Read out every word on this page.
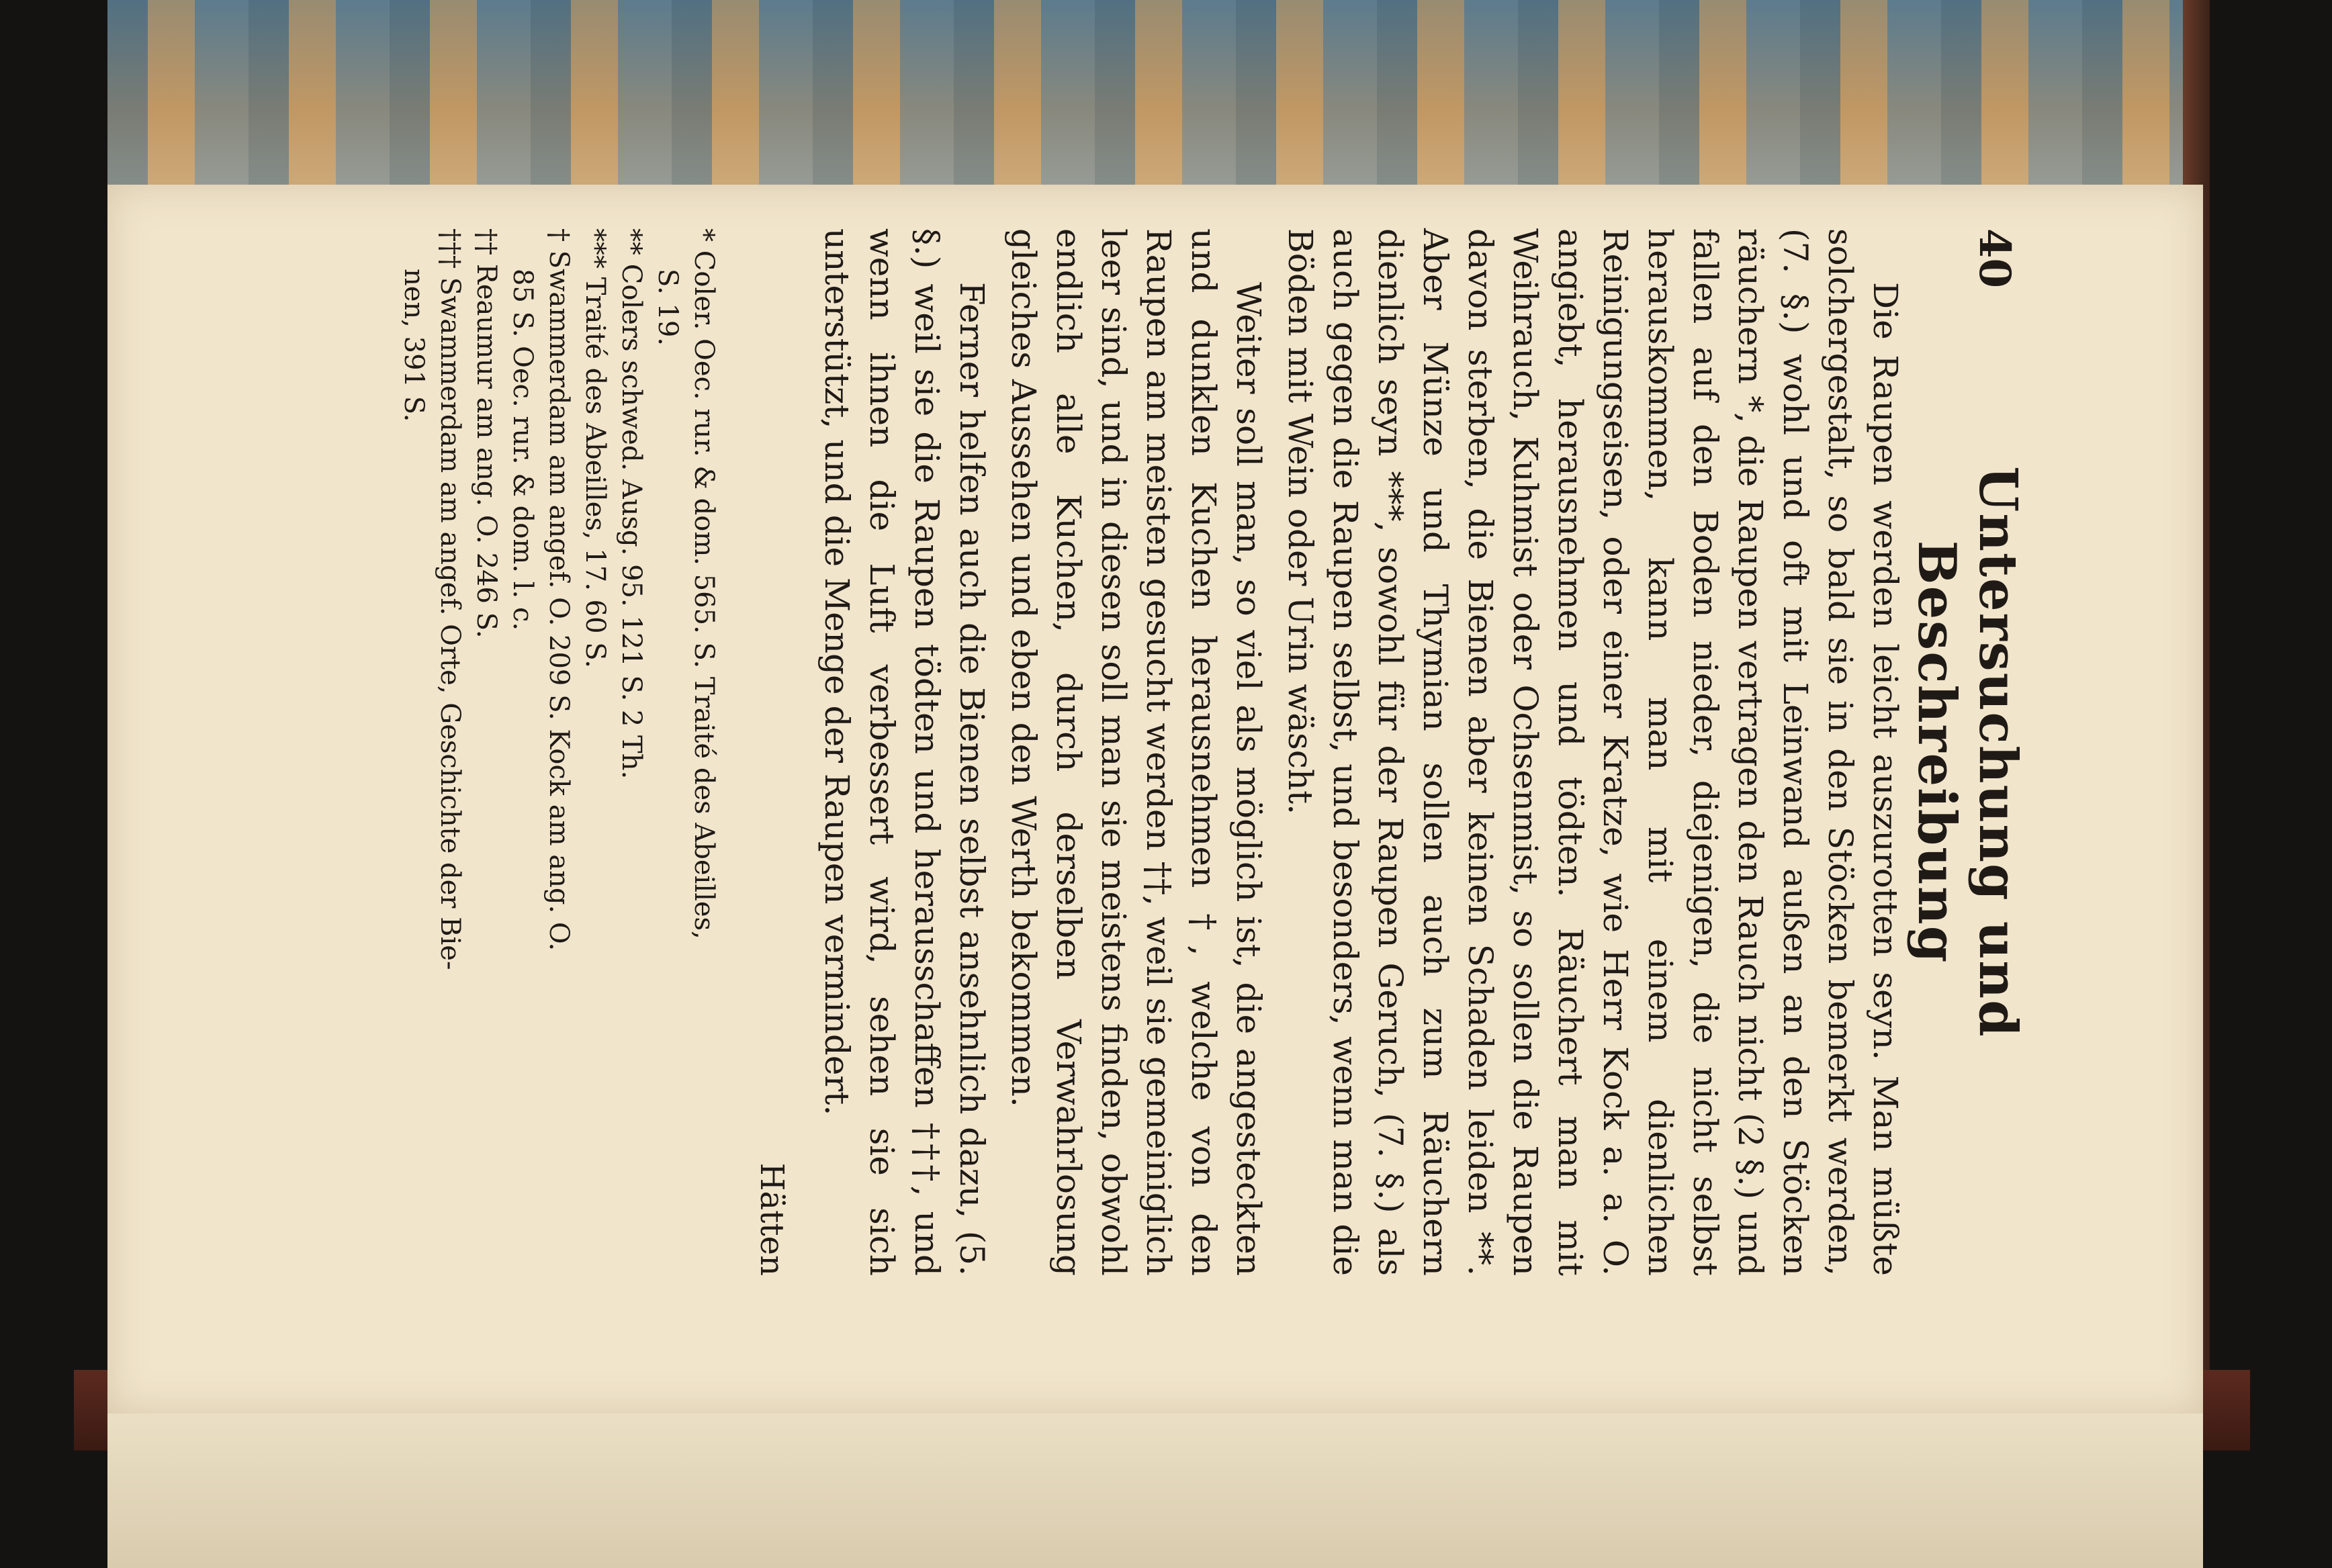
40
Untersuchung und Beschreibung

Die Raupen werden leicht auszurotten seyn. Man müßte solchergestalt, so bald sie in den Stöcken bemerkt werden, (7. §.) wohl und oft mit Leinwand außen an den Stöcken räuchern *, die Raupen vertragen den Rauch nicht (2 §.) und fallen auf den Boden nieder, diejenigen, die nicht selbst herauskommen, kann man mit einem dienlichen Reinigungseisen, oder einer Kratze, wie Herr Kock a. a. O. angiebt, herausnehmen und tödten. Räuchert man mit Weihrauch, Kuhmist oder Ochsenmist, so sollen die Raupen davon sterben, die Bienen aber keinen Schaden leiden **. Aber Münze und Thymian sollen auch zum Räuchern dienlich seyn ***, sowohl für der Raupen Geruch, (7. §.) als auch gegen die Raupen selbst, und besonders, wenn man die Böden mit Wein oder Urin wäscht.

Weiter soll man, so viel als möglich ist, die angesteckten und dunklen Kuchen herausnehmen †, welche von den Raupen am meisten gesucht werden ††, weil sie gemeiniglich leer sind, und in diesen soll man sie meistens finden, obwohl endlich alle Kuchen, durch derselben Verwahrlosung gleiches Aussehen und eben den Werth bekommen.

Ferner helfen auch die Bienen selbst ansehnlich dazu, (5. §.) weil sie die Raupen tödten und herausschaffen †††, und wenn ihnen die Luft verbessert wird, sehen sie sich unterstützt, und die Menge der Raupen vermindert.

Hätten

* Coler. Oec. rur. & dom. 565. S. Traité des Abeilles,
S. 19.

** Colers schwed. Ausg. 95. 121 S. 2 Th.

*** Traité des Abeilles, 17. 60 S.

† Swammerdam am angef. O. 209 S. Kock am ang. O.
85 S. Oec. rur. & dom. l. c.

†† Reaumur am ang. O. 246 S.

††† Swammerdam am angef. Orte, Geschichte der Bie-
nen, 391 S.
